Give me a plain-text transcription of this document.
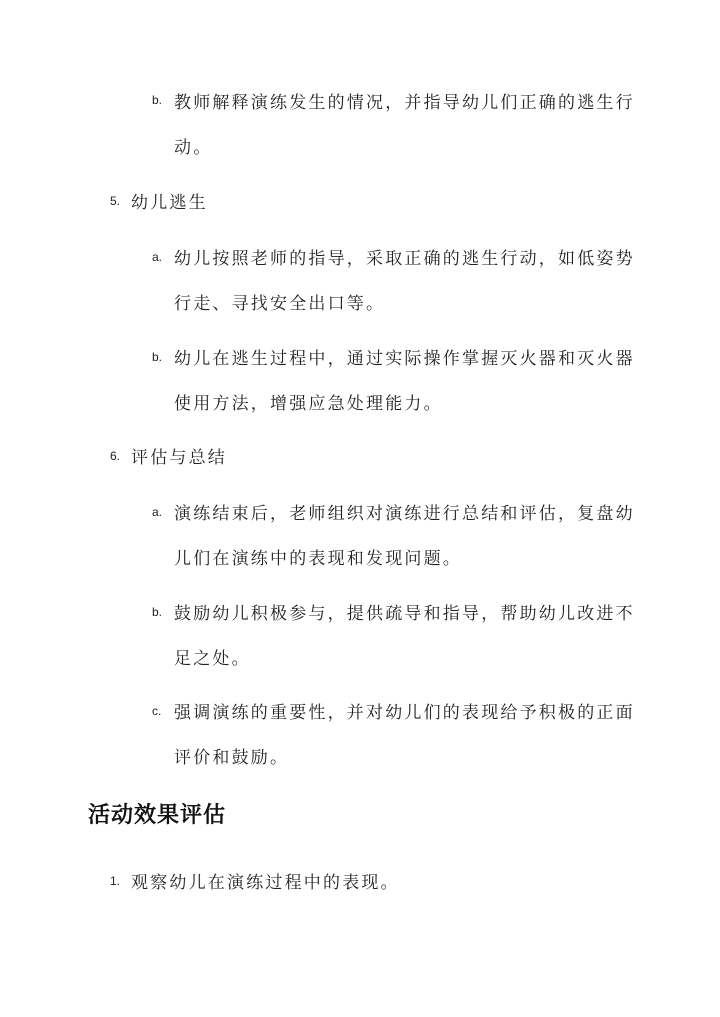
b. 教师解释演练发生的情况，并指导幼儿们正确的逃生行
动。
5. 幼儿逃生
a. 幼儿按照老师的指导，采取正确的逃生行动，如低姿势
行走、寻找安全出口等。
b. 幼儿在逃生过程中，通过实际操作掌握灭火器和灭火器
使用方法，增强应急处理能力。
6. 评估与总结
a. 演练结束后，老师组织对演练进行总结和评估，复盘幼
儿们在演练中的表现和发现问题。
b. 鼓励幼儿积极参与，提供疏导和指导，帮助幼儿改进不
足之处。
c. 强调演练的重要性，并对幼儿们的表现给予积极的正面
评价和鼓励。
活动效果评估
1. 观察幼儿在演练过程中的表现。
